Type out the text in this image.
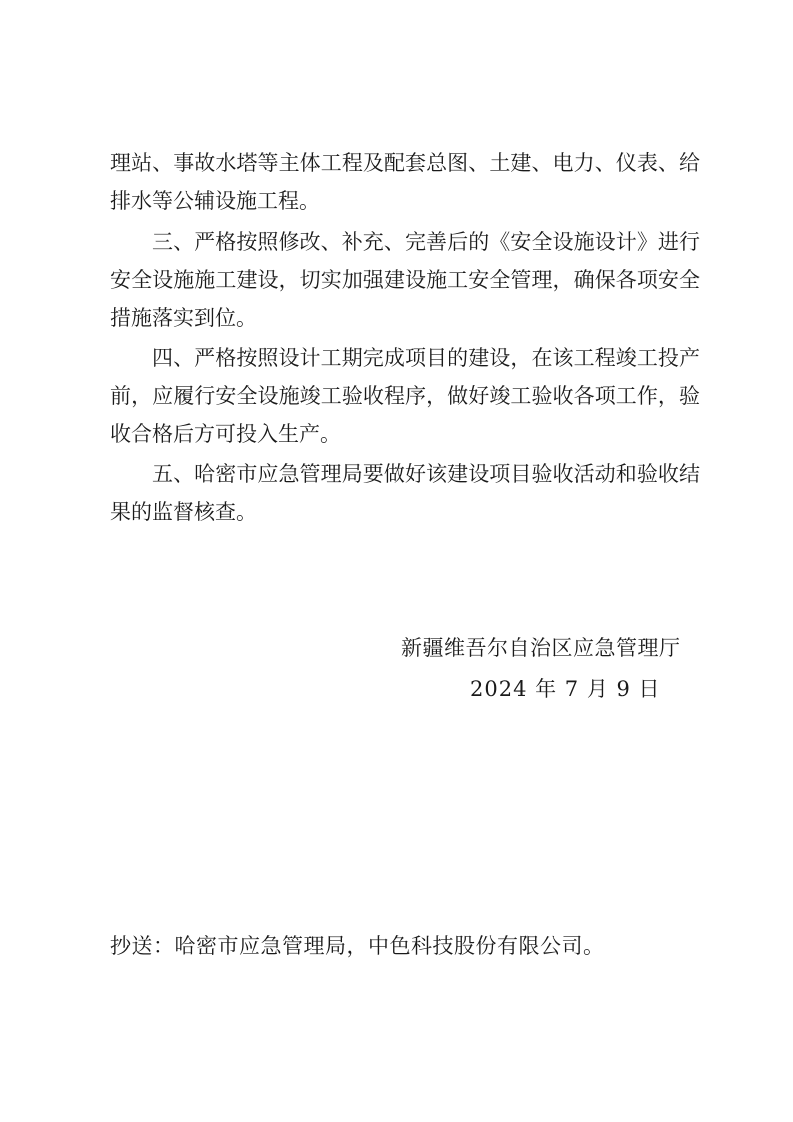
理站、事故水塔等主体工程及配套总图、土建、电力、仪表、给
排水等公辅设施工程。
三、严格按照修改、补充、完善后的《安全设施设计》进行
安全设施施工建设，切实加强建设施工安全管理，确保各项安全
措施落实到位。
四、严格按照设计工期完成项目的建设，在该工程竣工投产
前，应履行安全设施竣工验收程序，做好竣工验收各项工作，验
收合格后方可投入生产。
五、哈密市应急管理局要做好该建设项目验收活动和验收结
果的监督核查。
新疆维吾尔自治区应急管理厅
2024 年 7 月 9 日
抄送：哈密市应急管理局，中色科技股份有限公司。
